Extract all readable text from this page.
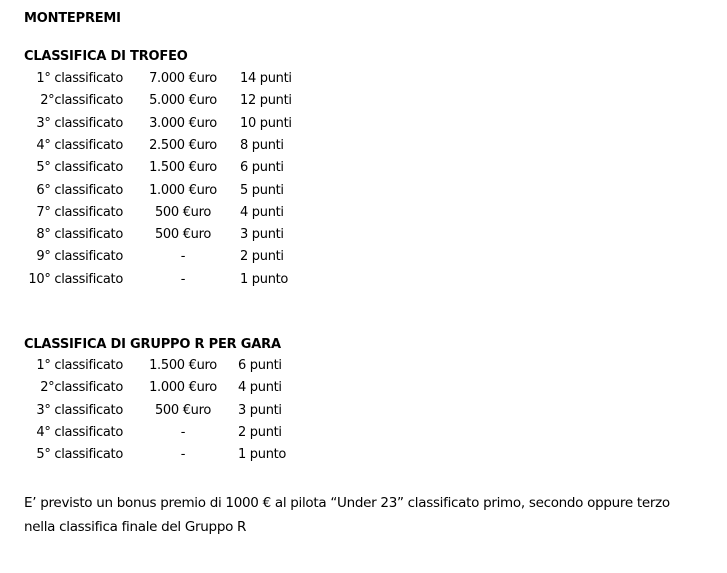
MONTEPREMI
CLASSIFICA DI TROFEO
1° classificato	7.000 €uro	14 punti
2°classificato	5.000 €uro	12 punti
3° classificato	3.000 €uro	10 punti
4° classificato	2.500 €uro	8 punti
5° classificato	1.500 €uro	6 punti
6° classificato	1.000 €uro	5 punti
7° classificato	500 €uro	4 punti
8° classificato	500 €uro	3 punti
9° classificato	-	2 punti
10° classificato	-	1 punto
CLASSIFICA DI GRUPPO R PER GARA
1° classificato	1.500 €uro	6 punti
2°classificato	1.000 €uro	4 punti
3° classificato	500 €uro	3 punti
4° classificato	-	2 punti
5° classificato	-	1 punto
E’ previsto un bonus premio di 1000 € al pilota “Under 23” classificato primo, secondo oppure terzo
nella classifica finale del Gruppo R
